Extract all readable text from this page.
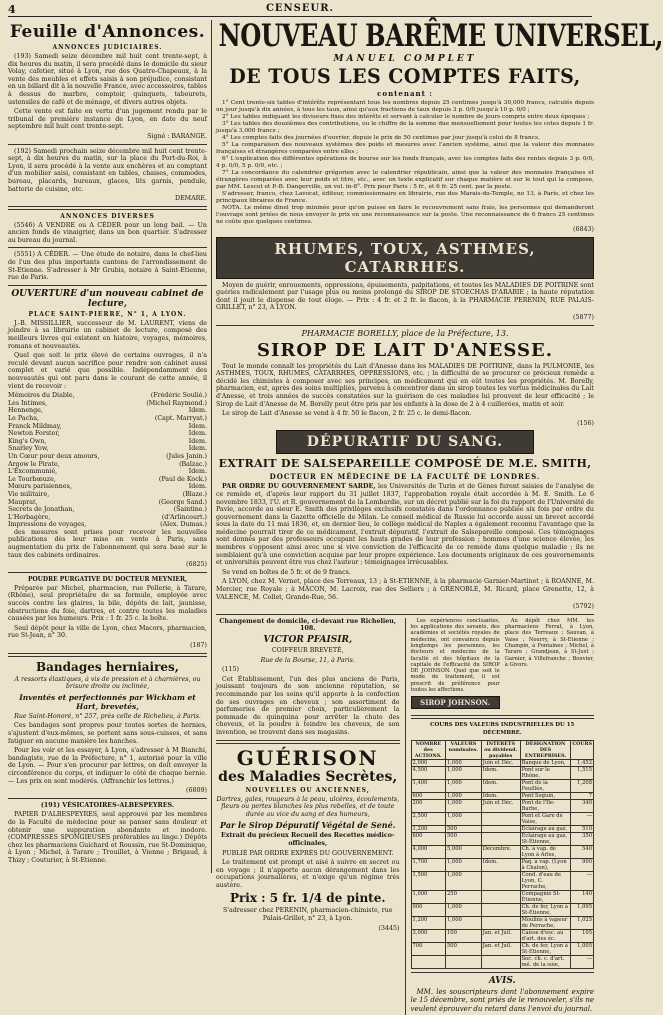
4	CENSEUR.
Feuille d'Annonces.
ANNONCES JUDICIAIRES.

(193) Samedi seize décembre mil huit cent trente-sept, à dix heures du matin, il sera procédé dans le domicile du sieur Volay, cafetier, situé à Lyon, rue des Quatre-Chapeaux, à la vente des meubles et effets saisis à son préjudice, consistant en un billard dit à la nouvelle France, avec accessoires, tables à dessus de marbre, comptoir, quinquets, tabourets, ustensiles de café et de ménage, et divers autres objets.

Cette vente est faite en vertu d'un jugement rendu par le tribunal de première instance de Lyon, en date du neuf septembre mil huit cent trente-sept.

Signé : BARANGE.

(192) Samedi prochain seize décembre mil huit cent trente-sept, à dix heures du matin, sur la place du Port-du-Roi, à Lyon, il sera procédé à la vente aux enchères et au comptant d'un mobilier saisi, consistant en tables, chaises, commodes, bureau, placards, bureaux, glaces, lits garnis, pendule, batterie de cuisine, etc.

DEMARE.

ANNONCES DIVERSES

(5546) A VENDRE ou A CÉDER pour un long bail. — Un ancien fonds de vinaigrier, dans un bon quartier. S'adresser au bureau du journal.

(5551) A CÉDER. — Une étude de notaire, dans le chef-lieu de l'un des plus importants cantons de l'arrondissement de St-Etienne. S'adresser à Mr Grubis, notaire à Saint-Etienne, rue de Paris.

OUVERTURE d'un nouveau cabinet de lecture,
PLACE SAINT-PIERRE, N° 1, A LYON.

J.-B. MISSILLIER, successeur de M. LAURENT, viens de joindre à sa librairie un cabinet de lecture, composé des meilleurs livres qui existent en histoire, voyages, mémoires, romans et nouveautés.

Quel que soit le prix élevé de certains ouvrages, il n'a reculé devant aucun sacrifice pour rendre son cabinet aussi complet et varié que possible. Indépendamment des nouveautés qui ont paru dans le courant de cette année, il vient de recevoir :

Mémoires du Diable,	(Frédéric Soulié.)
Les Intimes,	(Michel Raymond.)
Hennenge,	Idem.
Le Pacha,	(Capt. Marryat.)
Franck Mildmay,	Idem.
Newton Forster,	Idem.
King's Own,	Idem.
Snarley Yow,	Idem.
Un Cœur pour deux amours,	(Jules Janin.)
Argow le Pirate,	(Balzac.)
L'Excommunié,	Idem.
Le Tourbœuze,	(Paul de Kock.)
Mœurs parisiennes,	Idem.
Vie militaire,	(Blaze.)
Mauprat,	(George Sand.)
Secrets de Jonathan,	(Saintine.)
L'Herbagère,	(d'Arlincourt.)
Impressions de voyages,	(Alex. Dumas.)

des mesures sont prises pour recevoir les nouvelles publications dès leur mise en vente à Paris, sans augmentation du prix de l'abonnement qui sera basé sur le taux des cabinets ordinaires.

(6825)

POUDRE PURGATIVE DU DOCTEUR MEYNIER,

Préparée par Michel, pharmacien, rue Pollerie, à Tarare, (Rhône), seul propriétaire de sa formule, employée avec succès contre les glaires, la bile, dépôts de lait, jaunisse, obstructions du foie, dartres, et contre toutes les maladies causées par les humeurs. Prix : 1 fr. 25 c. la boîte.

Seul dépôt pour la ville de Lyon, chez Macors, pharmacien, rue St-Jean, n° 30.

(187)

Bandages herniaires,

A ressorts élastiques, à vis de pression et à charnières, ou brisure droite ou inclinée,

Inventés et perfectionnés par Wickham et Hart, brevetés,

Rue Saint-Honoré, n° 257, près celle de Richelieu, à Paris.

Ces bandages sont propres pour toutes sortes de hernies, s'ajustent d'eux-mêmes, se portent sans sous-cuisses, et sans fatiguer en aucune manière les hanches.

Pour les voir et les essayer, à Lyon, s'adresser à M Bianchi, bandagiste, rue de la Préfecture, n° 1, autorisé pour la ville de Lyon. — Pour s'en procurer par lettres, on doit envoyer la circonférence du corps, et indiquer le côté de chaque hernie. — Les prix en sont modérés. (Affranchir les lettres.)

(6809)

(191) VÉSICATOIRES-ALBESPEYRES.

PAPIER D'ALBESPEYRES, seul approuvé par les membres de la Faculté de médecine pour se panser sans douleur et obtenir une suppuration abondante et inodore. (COMPRESSES SPONGIEUSES préférables au linge.) Dépôts chez les pharmaciens Guichard et Roussin, rue St-Dominique, à Lyon ; Michel, à Tarare ; Trouillet, à Vienne ; Brigaud, à Thizy ; Couturier, à St-Etienne.

NOUVEAU BARÊME UNIVERSEL,
MANUEL COMPLET
DE TOUS LES COMPTES FAITS,
contenant :

1° Cent trente-six tables d'intérêts représentant tous les nombres depuis 25 centimes jusqu'à 30,000 francs, calculés depuis un jour jusqu'à dix années, à tous les taux, ainsi qu'aux fractions de taux depuis 3 p. 0/0 jusqu'à 10 p. 0/0 ;

2° Les tables indiquant les diviseurs fixes des intérêts et servant à calculer le nombre de jours compris entre deux époques ;

3° Les tables des douzièmes des contributions, ou le chiffre de la somme due mensuellement pour toutes les cotes depuis 1 fr. jusqu'à 3,000 francs ;

4° Les comptes faits des journées d'ouvrier, depuis le prix de 50 centimes par jour jusqu'à celui de 8 francs.

5° La comparaison des nouveaux systèmes des poids et mesures avec l'ancien système, ainsi que la valeur des monnaies françaises et étrangères comparées entre elles ;

6° L'explication des différentes opérations de bourse sur les fonds français, avec les comptes faits des rentes depuis 3 p. 0/0, 4 p. 0/0, 5 p. 0/0, etc. ;

7° La concordance du calendrier grégorien avec le calendrier républicain, ainsi que la valeur des monnaies françaises et étrangères comparées avec leur poids et titre, etc., avec un texte explicatif sur chaque matière et sur le tout qui la compose, par MM. Lescot et P.-B. Dangerville, un vol. in-8°. Prix pour Paris : 5 fr., et 6 fr. 25 cent. par la poste.

S'adresser, franco, chez Lavocat, éditeur, commissionnaire en librairie, rue des Marais-du-Temple, no 13, à Paris, et chez les principaux libraires de France.

NOTA. Le même dinel trop mininée pour qu'on puisse en faire le recouvrement sans frais, les personnes qui demanderont l'ouvrage sont priées de nous envoyer le prix en une reconnaissance sur la poste. Une reconnaissance de 6 francs 25 centimes ne coûte que quelques centimes.

(6843)

RHUMES, TOUX, ASTHMES, CATARRHES.

Moyen de guérir, enrouements, oppressions, épuisements, palpitations, et toutes les MALADIES DE POITRINE sont guéries radicalement par l'usage plus ou moins prolongé du SIROP DE STOECHAS D'ARABIE ; la haute réputation dont il jouit le dispense de tout éloge. — Prix : 4 fr. et 2 fr. le flacon, à la PHARMACIE PERENIN, RUE PALAIS-GRILLET, n° 23, A LYON.

(5877)

PHARMACIE BORELLY, place de la Préfecture, 13.

SIROP DE LAIT D'ANESSE.

Tout le monde connaît les propriétés du Lait d'Anesse dans les MALADIES DE POITRINE, dans la PULMONIE, les ASTHMES, TOUX, RHUMES, CATARRHES, OPPRESSIONS, etc. ; la difficulté de se procurer ce précieux remède a décidé les chimistes à composer avec ses principes, un médicament qui en eût toutes les propriétés. M. Borelly, pharmacien, est, après des soins multipliés, parvenu à concentrer dans un sirop toutes les vertus médicinales du Lait d'Anesse, et trois années de succès constatées sur la guérison de ces maladies lui prouvent de leur efficacité ; le Sirop de Lait d'Anesse de M. Borelly peut être pris par les enfants à la dose de 2 à 4 cuillerées, matin et soir.

Le sirop de Lait d'Anesse se vend à 4 fr. 50 le flacon, 2 fr. 25 c. le demi-flacon.

(156)

DÉPURATIF DU SANG.
EXTRAIT DE SALSEPAREILLE COMPOSÉ DE M.E. SMITH,
DOCTEUR EN MÉDECINE DE LA FACULTÉ DE LONDRES.

PAR ORDRE DU GOUVERNEMENT SARDE, les Universités de Turin et de Gènes furent saisies de l'analyse de ce remède et, d'après leur rapport du 31 juillet 1837, l'approbation royale était accordée à M. E. Smith. Le 6 novembre 1833, l'U. et R. gouvernement de la Lombardie, sur un décret publié sur la foi du rapport de l'Université de Pavie, accorde au sieur E. Smith des privilèges exclusifs constatés dans l'ordonnance publiée six fois par ordre du gouvernement dans la Gazette officielle de Milan. Le conseil médical de Russie lui accorde aussi un brevet accordé sous la date du 11 mai 1836, et, en dernier lieu, le collège médical de Naples a également reconnu l'avantage que la médecine pourrait tirer de ce médicament, l'extrait dépuratif, l'extrait de Salsepareille composé. Ces témoignages sont donnés par des professeurs occupant les hauts grades de leur profession ; hommes d'une science élevée, les membres s'opposent ainsi avec une si vive conviction de l'efficacité de ce remède dans quelque maladie ; ils ne semblaient qu'à une conviction acquise par leur propre expérience. Les documents originaux de ces gouvernements et universités peuvent être vus chez l'auteur ; témoignages irrécusables.

Se vend en boîtes de 5 fr. et de 9 francs.

A LYON, chez M. Vernet, place des Terreaux, 13 ; à St-ETIENNE, à la pharmacie Garnier-Martinet ; à ROANNE, M. Mercier, rue Royale ; à MÂCON, M. Lacroix, rue des Selliers ; à GRENOBLE, M. Ricard, place Grenette, 12, à VALENCE, M. Collet, Grande-Rue, 56.

(5792)

Changement de domicile, ci-devant rue Richelieu, 108.

VICTOR PFAISIR,

COIFFEUR BREVETÉ,

Rue de la Bourse, 11, à Paris.

(115)

Cet Établissement, l'un des plus anciens de Paris, jouissant toujours de son ancienne réputation, se recommande par les soins qu'il apporte à la confection de ses ouvrages en cheveux ; son assortiment de parfumeries de premier choix, particulièrement la pommade de quinquina pour arrêter la chute des cheveux, et la poudre à teindre les cheveux, de son invention, se trouvent dans ses magasins.

GUÉRISON
des Maladies Secrètes,
NOUVELLES OU ANCIENNES,

Dartres, gales, rougeurs à la peau, ulcères, écoulements, fleurs ou pertes blanches les plus rebelles, et de toute durée au vice du sang et des humeurs,

Par le Sirop Dépuratif Végétal de Sené.

Extrait du précieux Recueil des Recettes médico-officinales,

PUBLIÉ PAR ORDRE EXPRÈS DU GOUVERNEMENT.

Le traitement est prompt et aisé à suivre en secret ou en voyage ; il n'apporte aucun dérangement dans les occupations journalières, et n'exige qu'un régime très austère.

Prix : 5 fr. 1/4 de pinte.

S'adresser chez PERENIN, pharmacien-chimiste, rue Palais-Grillet, n° 23, à Lyon.

(3445)

Les expériences concluantes, les applications des savants, des académies et sociétés royales de médecine, ont convaincu depuis longtemps les personnes, les docteurs et médecins de la faculté et des hôpitaux de la capitale de l'efficacité du SIROP DE JOHNSON. Quel que soit le mode de traitement, il est prescrit de préférence pour toutes les affections.

SIROP JOHNSON.

Au dépôt chez MM. les pharmaciens Ferrat, à Lyon, place des Terreaux ; Sauvan, à Vaise ; Nourry, à St-Etienne ; Champin, à Fontaines ; Michel, à Tarare ; Grandjean, à St-Just ; Garnier, à Villefranche ; Bouvier, à Givors.

COURS DES VALEURS INDUSTRIELLES DU 15 DÉCEMBRE.

NOMBRE des ACTIONS.	VALEURS nominales.	INTÉRÊTS ou dividend. payables	DÉSIGNATION DES ENTREPRISES.	COURS
2,000	1,000	Juin et Déc.	Banque de Lyon,	1,452
4,500	1,000	Idem.	Pont sur le Rhône,	1,515
1,400	1,000	Idem.	Pont de la Feuillée,	1,208
600	1,000	Idem.	Pont Seguin,	7
200	1,000	Juin et Déc.	Pont de l'Ile-Barbe,	340
2,500	1,000		Pont et Gare de Vaise,	—
1,200	500		Éclairage au gaz,	510
600	500		Éclairage au gaz, St-Étienne,	350
4,000	5,000	Décembre.	Ch. à vap. de Lyon à Arles,	540
1,700	1,000	Idem.	Paq. à vap. (Lyon à Chalon),	900
1,500	1,000		Cond. d'eau de Lyon, C. Perrache,	—
1,000	250		Compagnie St-Étienne,	140
900	1,000		Ch. de fer, Lyon à St-Étienne,	1,095
1,200	1,000		Moulins à vapeur de Perrache,	1,025
3,000	100	Jan. et Juil.	Caisse d'esc. au d'art. des éc.	105
700	500	Jan. et Juil.	Ch. de fer, Lyon à St-Etienne,	1,005
			Soc. ch. c. d'art. mé. de la soie,	—
AVIS.

MM. les souscripteurs dont l'abonnement expire le 15 décembre, sont priés de le renouveler, s'ils ne veulent éprouver du retard dans l'envoi du journal.
